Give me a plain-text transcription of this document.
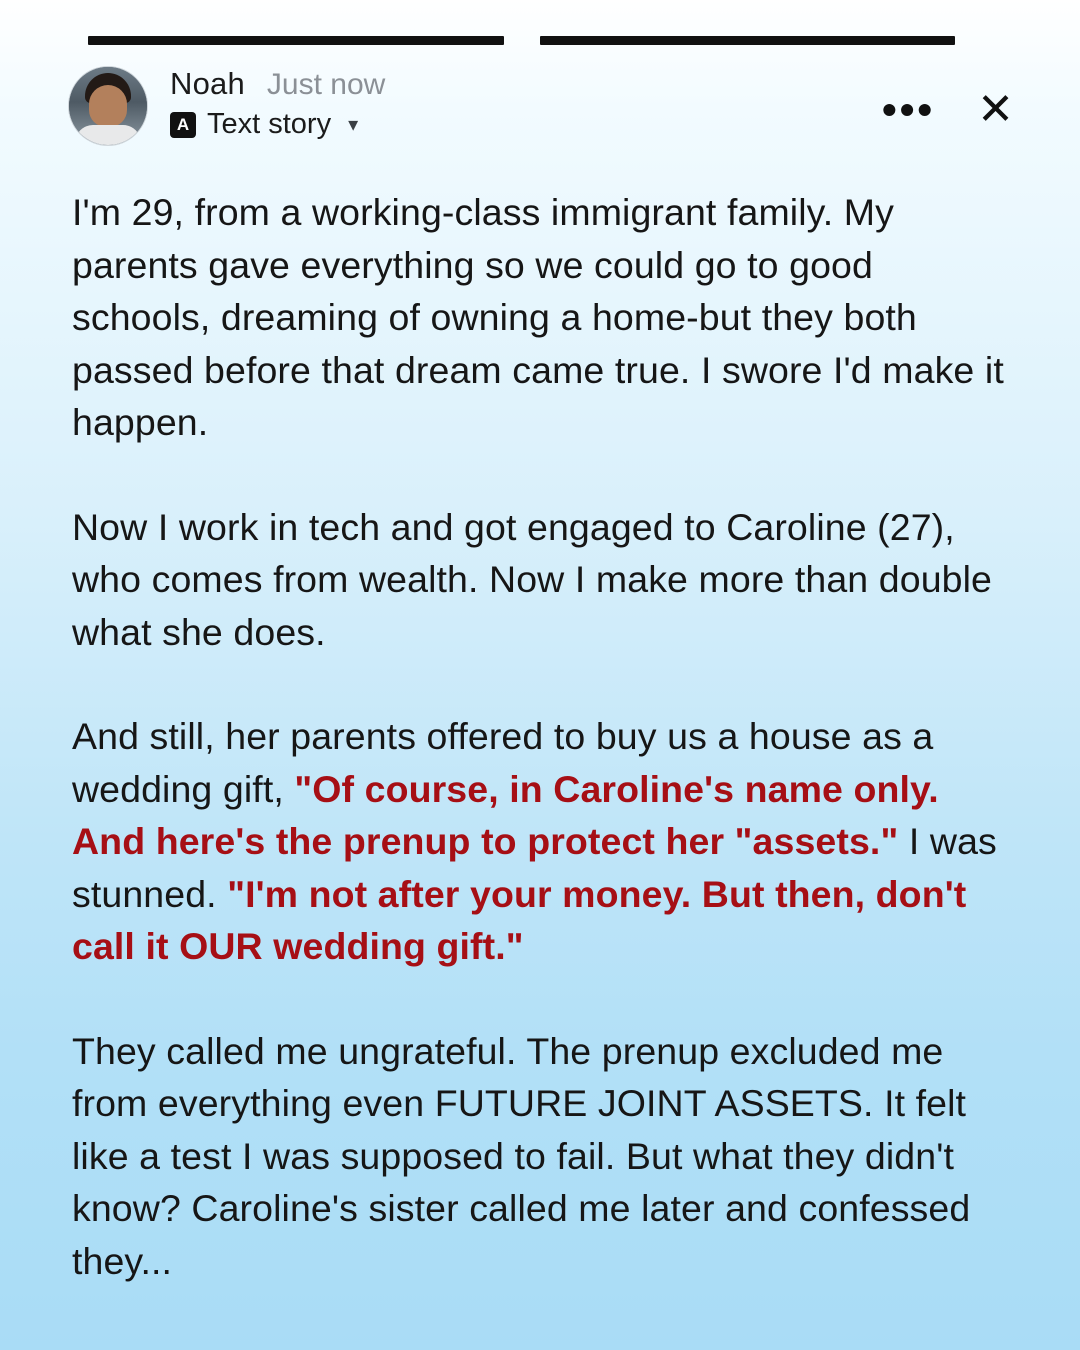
Noah Just now
A Text story ▾	••• ✕

I'm 29, from a working-class immigrant family. My parents gave everything so we could go to good schools, dreaming of owning a home-but they both passed before that dream came true. I swore I'd make it happen.

Now I work in tech and got engaged to Caroline (27), who comes from wealth. Now I make more than double what she does.

And still, her parents offered to buy us a house as a wedding gift, "Of course, in Caroline's name only. And here's the prenup to protect her "assets." I was stunned. "I'm not after your money. But then, don't call it OUR wedding gift."

They called me ungrateful. The prenup excluded me from everything even FUTURE JOINT ASSETS. It felt like a test I was supposed to fail. But what they didn't know? Caroline's sister called me later and confessed they...
